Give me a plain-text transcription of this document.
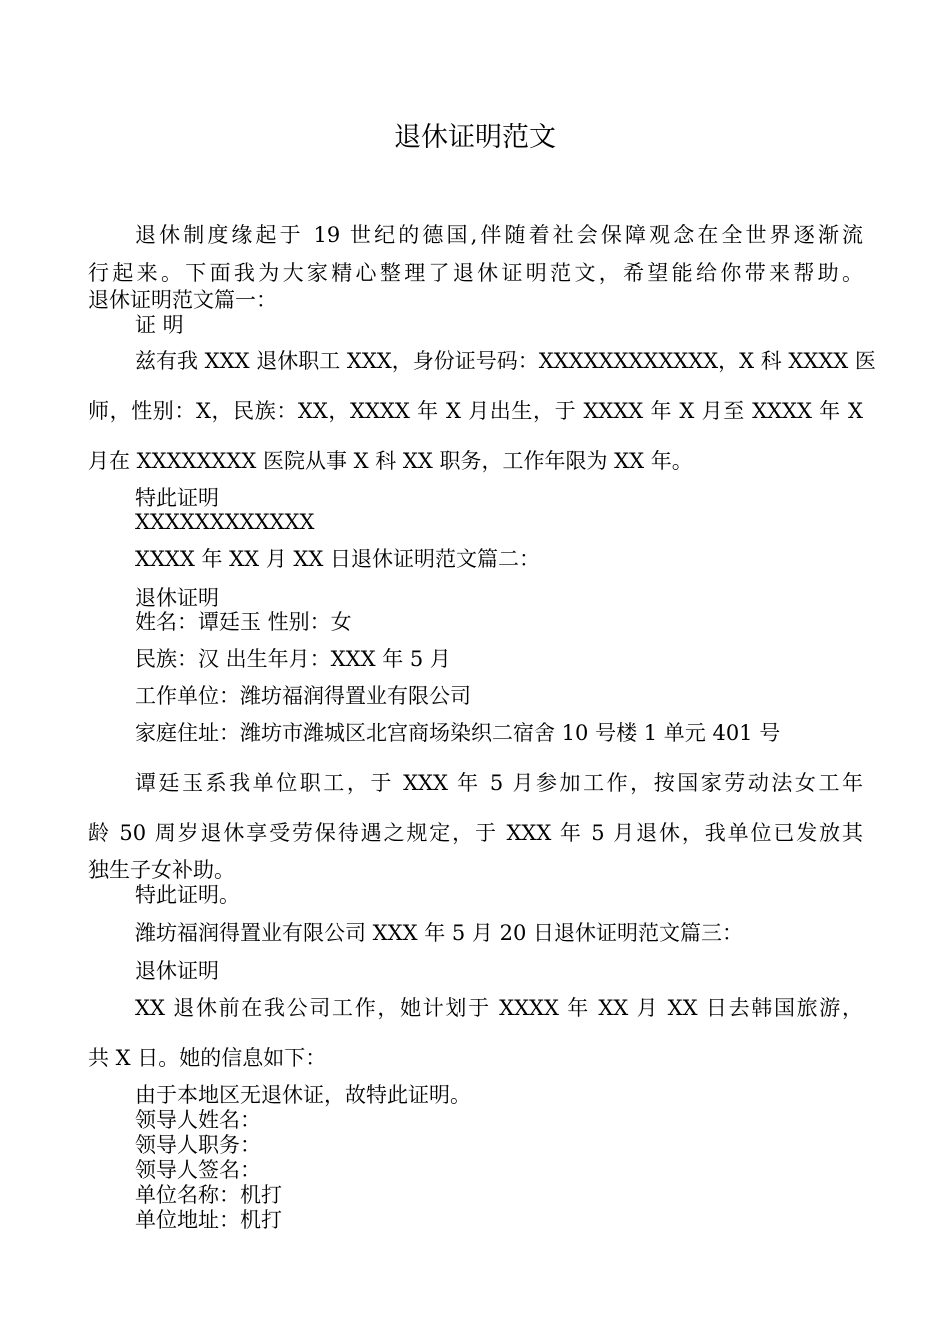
退休证明范文

退休制度缘起于 19 世纪的德国,伴随着社会保障观念在全世界逐渐流

行起来。下面我为大家精心整理了退休证明范文，希望能给你带来帮助。

退休证明范文篇一：

证 明

兹有我 XXX 退休职工 XXX，身份证号码：XXXXXXXXXXXX，X 科 XXXX 医

师，性别：X，民族：XX，XXXX 年 X 月出生，于 XXXX 年 X 月至 XXXX 年 X

月在 XXXXXXXX 医院从事 X 科 XX 职务，工作年限为 XX 年。

特此证明

XXXXXXXXXXXX

XXXX 年 XX 月 XX 日退休证明范文篇二：

退休证明

姓名：谭廷玉 性别：女

民族：汉 出生年月：XXX 年 5 月

工作单位：潍坊福润得置业有限公司

家庭住址：潍坊市潍城区北宫商场染织二宿舍 10 号楼 1 单元 401 号

谭廷玉系我单位职工，于 XXX 年 5 月参加工作，按国家劳动法女工年

龄 50 周岁退休享受劳保待遇之规定，于 XXX 年 5 月退休，我单位已发放其

独生子女补助。

特此证明。

潍坊福润得置业有限公司 XXX 年 5 月 20 日退休证明范文篇三：

退休证明

XX 退休前在我公司工作，她计划于 XXXX 年 XX 月 XX 日去韩国旅游，

共 X 日。她的信息如下：

由于本地区无退休证，故特此证明。

领导人姓名：

领导人职务：

领导人签名：

单位名称：机打

单位地址：机打
